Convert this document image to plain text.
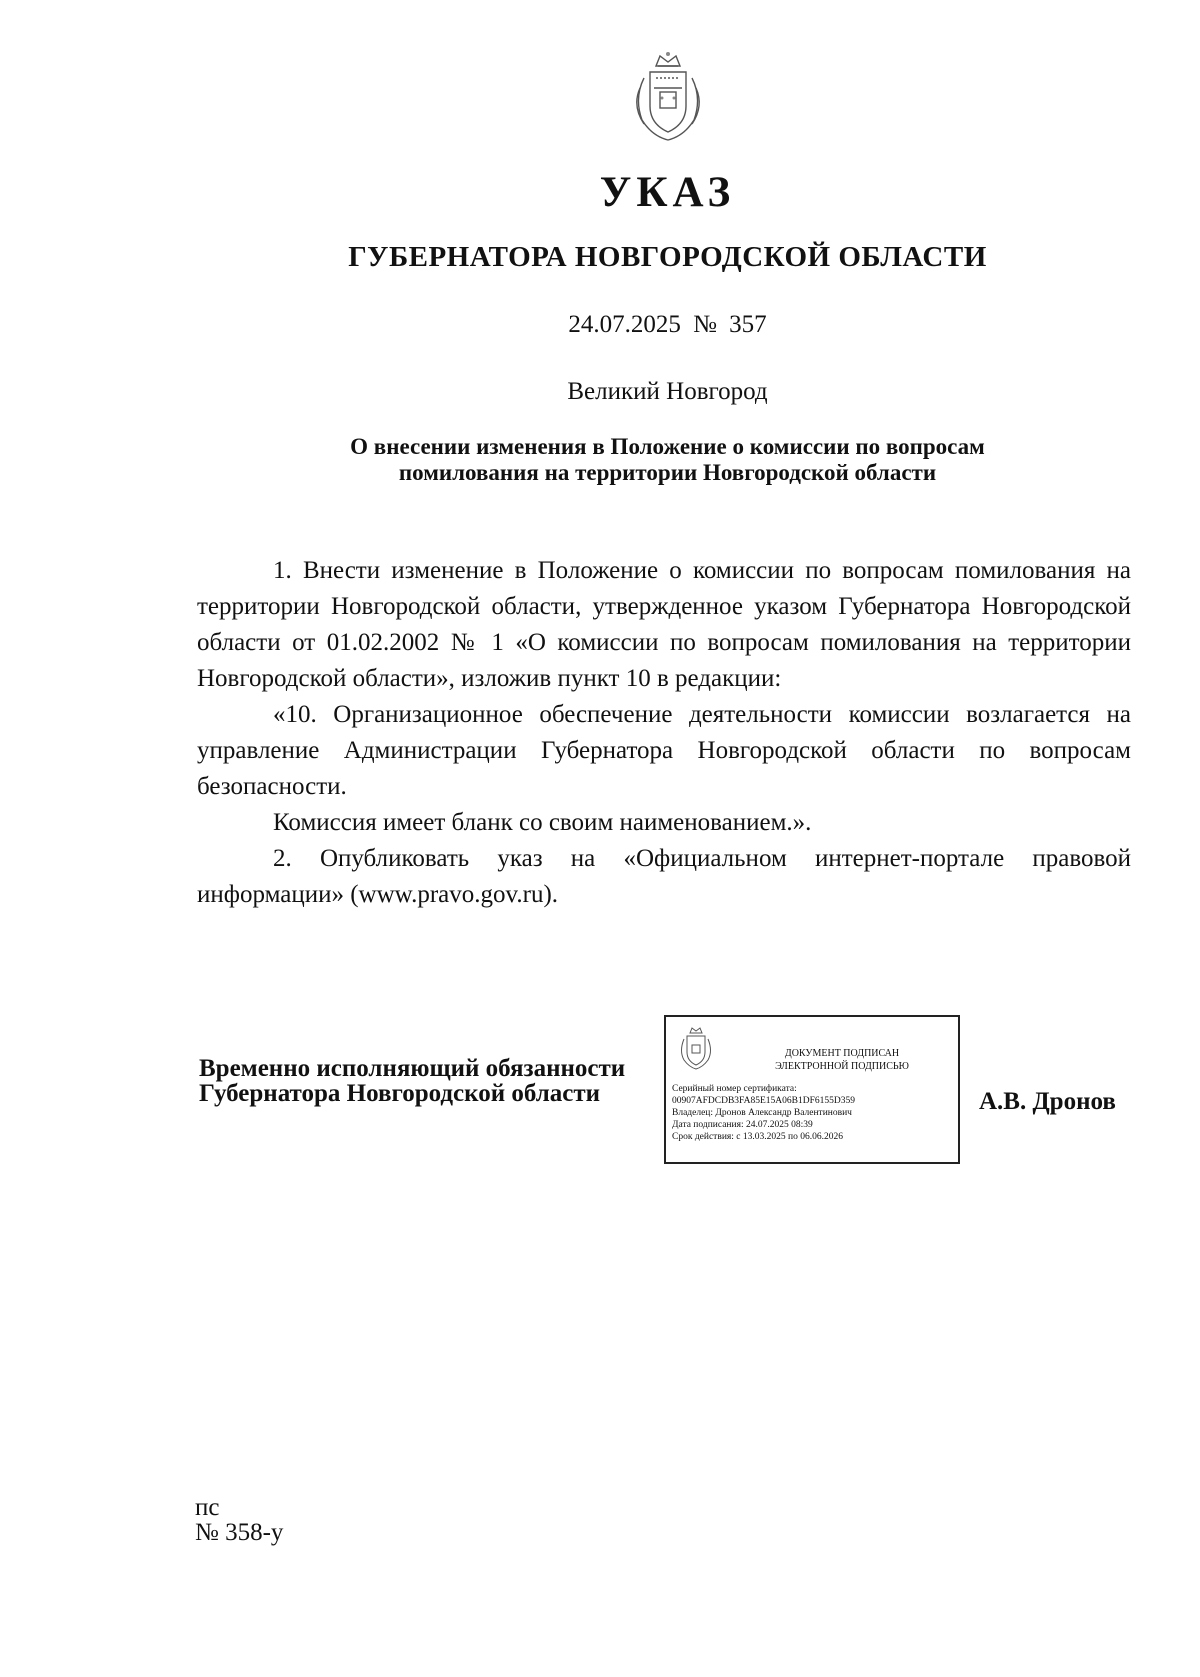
УКАЗ
ГУБЕРНАТОРА НОВГОРОДСКОЙ ОБЛАСТИ
24.07.2025 № 357
Великий Новгород
О внесении изменения в Положение о комиссии по вопросам
помилования на территории Новгородской области

1. Внести изменение в Положение о комиссии по вопросам помилования на территории Новгородской области, утвержденное указом Губернатора Новгородской области от 01.02.2002 № 1 «О комиссии по вопросам помилования на территории Новгородской области», изложив пункт 10 в редакции:

«10. Организационное обеспечение деятельности комиссии возлагается на управление Администрации Губернатора Новгородской области по вопросам безопасности.

Комиссия имеет бланк со своим наименованием.».

2. Опубликовать указ на «Официальном интернет-портале правовой информации» (www.pravo.gov.ru).

Временно исполняющий обязанности
Губернатора Новгородской области
ДОКУМЕНТ ПОДПИСАН
ЭЛЕКТРОННОЙ ПОДПИСЬЮ
Серийный номер сертификата:
00907AFDCDB3FA85E15A06B1DF6155D359
Владелец: Дронов Александр Валентинович
Дата подписания: 24.07.2025 08:39
Срок действия: с 13.03.2025 по 06.06.2026
А.В. Дронов
пс
№ 358-у
